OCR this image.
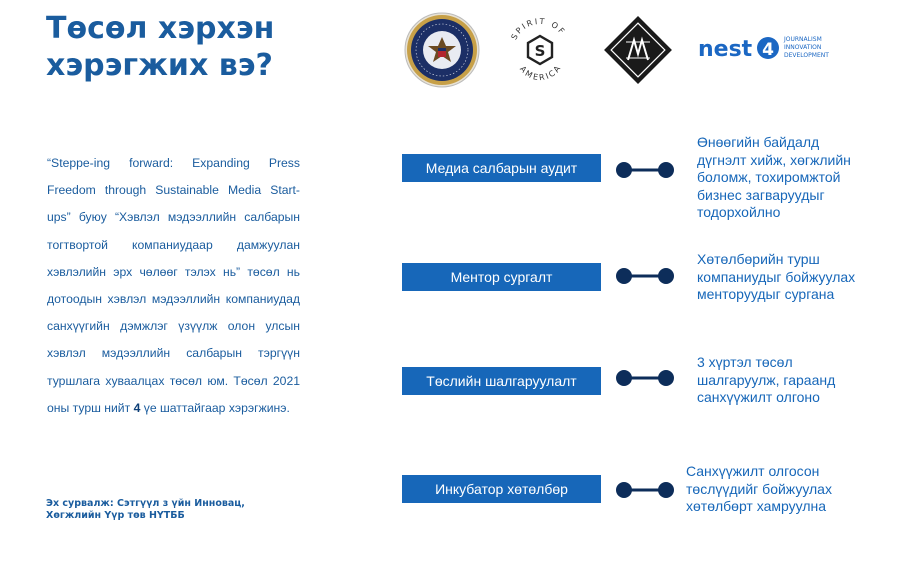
Төсөл хэрхэн
хэрэгжих вэ?
SPIRIT OF
AMERICA
S	nest 4
JOURNALISM
INNOVATION
DEVELOPMENT

“Steppe-ing forward: Expanding Press Freedom through Sustainable Media Start-ups” буюу “Хэвлэл мэдээллийн салбарын тогтвортой компаниудаар дамжуулан хэвлэлийн эрх чөлөөг тэлэх нь” төсөл нь дотоодын хэвлэл мэдээллийн компаниудад санхүүгийн дэмжлэг үзүүлж олон улсын хэвлэл мэдээллийн салбарын тэргүүн туршлага хуваалцах төсөл юм. Төсөл 2021 оны турш нийт 4 үе шаттайгаар хэрэгжинэ.

Эх сурвалж: Сэтгүүл з үйн Инновац,
Хөгжлийн Үүр төв НҮТББ
Медиа салбарын аудит
Өнөөгийн байдалд
дүгнэлт хийж, хөгжлийн
боломж, тохиромжтой
бизнес загваруудыг
тодорхойлно
Ментор сургалт
Хөтөлбөрийн турш
компаниудыг бойжуулах
менторуудыг сургана
Төслийн шалгаруулалт
3 хүртэл төсөл
шалгаруулж, гараанд
санхүүжилт олгоно
Инкубатор хөтөлбөр
Санхүүжилт олгосон
төслүүдийг бойжуулах
хөтөлбөрт хамруулна
